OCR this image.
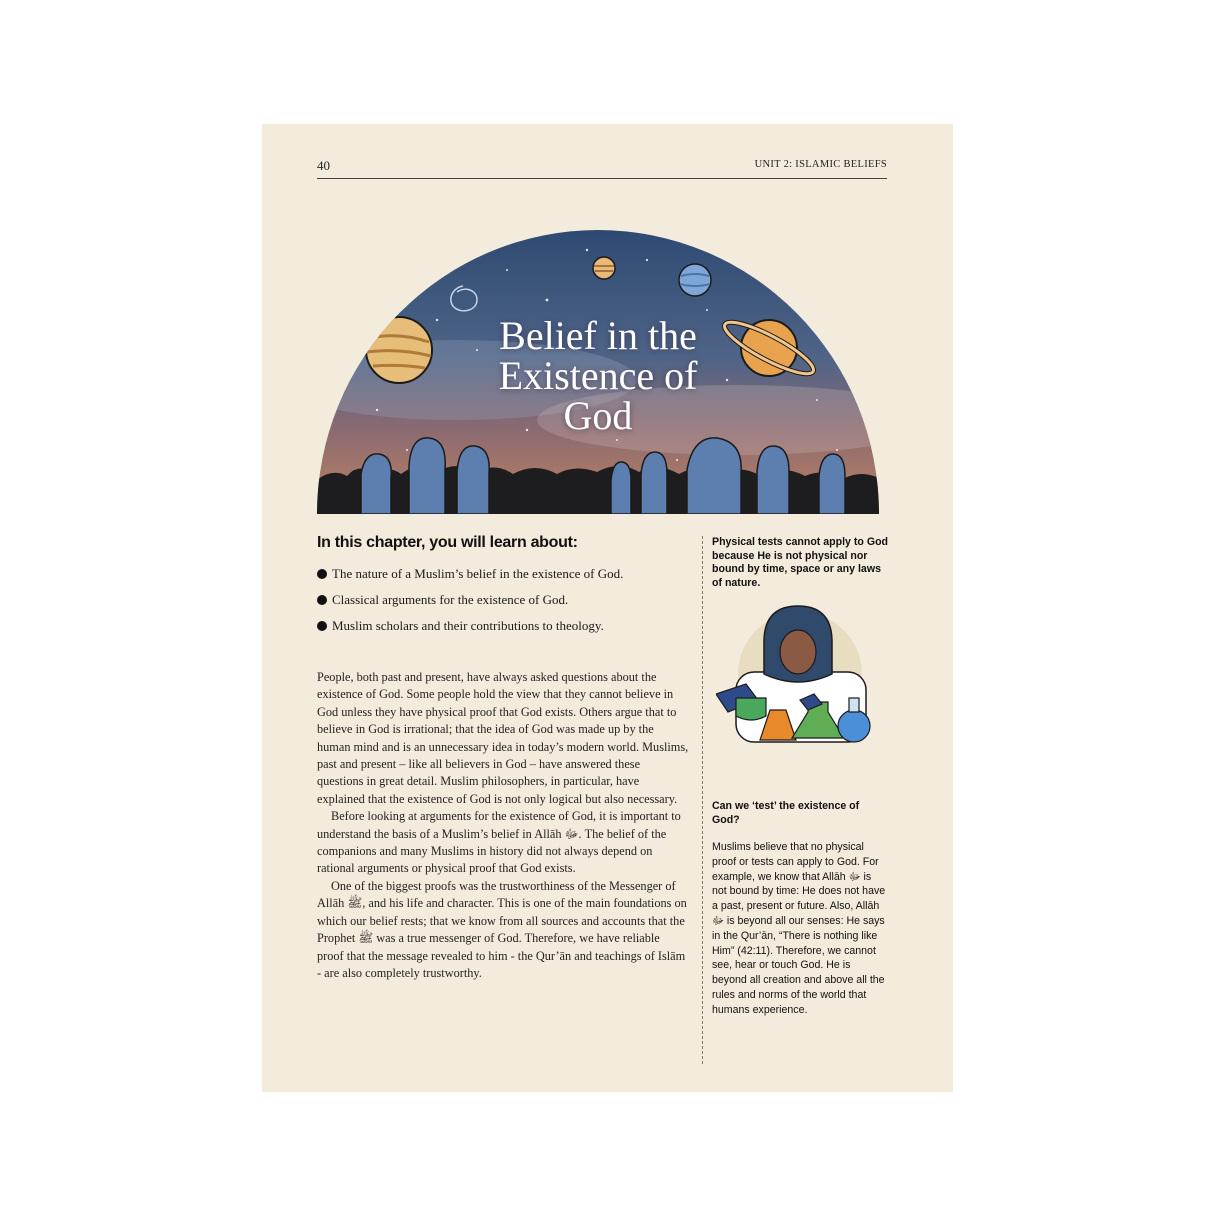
40	UNIT 2: ISLAMIC BELIEFS
Belief in the
Existence of
God
In this chapter, you will learn about:
The nature of a Muslim’s belief in the existence of God.
Classical arguments for the existence of God.
Muslim scholars and their contributions to theology.

People, both past and present, have always asked questions about the existence of God. Some people hold the view that they cannot believe in God unless they have physical proof that God exists. Others argue that to believe in God is irrational; that the idea of God was made up by the human mind and is an unnecessary idea in today’s modern world. Muslims, past and present – like all believers in God – have answered these questions in great detail. Muslim philosophers, in particular, have explained that the existence of God is not only logical but also necessary.

Before looking at arguments for the existence of God, it is important to understand the basis of a Muslim’s belief in Allāh ﷻ. The belief of the companions and many Muslims in history did not always depend on rational arguments or physical proof that God exists.

One of the biggest proofs was the trustworthiness of the Messenger of Allāh ﷺ, and his life and character. This is one of the main foundations on which our belief rests; that we know from all sources and accounts that the Prophet ﷺ was a true messenger of God. Therefore, we have reliable proof that the message revealed to him - the Qur’ān and teachings of Islām - are also completely trustworthy.

Physical tests cannot apply to God because He is not physical nor bound by time, space or any laws of nature.
Can we ‘test’ the existence of God?
Muslims believe that no physical proof or tests can apply to God. For example, we know that Allāh ﷻ is not bound by time: He does not have a past, present or future. Also, Allāh ﷻ is beyond all our senses: He says in the Qur’ān, “There is nothing like Him” (42:11). Therefore, we cannot see, hear or touch God. He is beyond all creation and above all the rules and norms of the world that humans experience.
